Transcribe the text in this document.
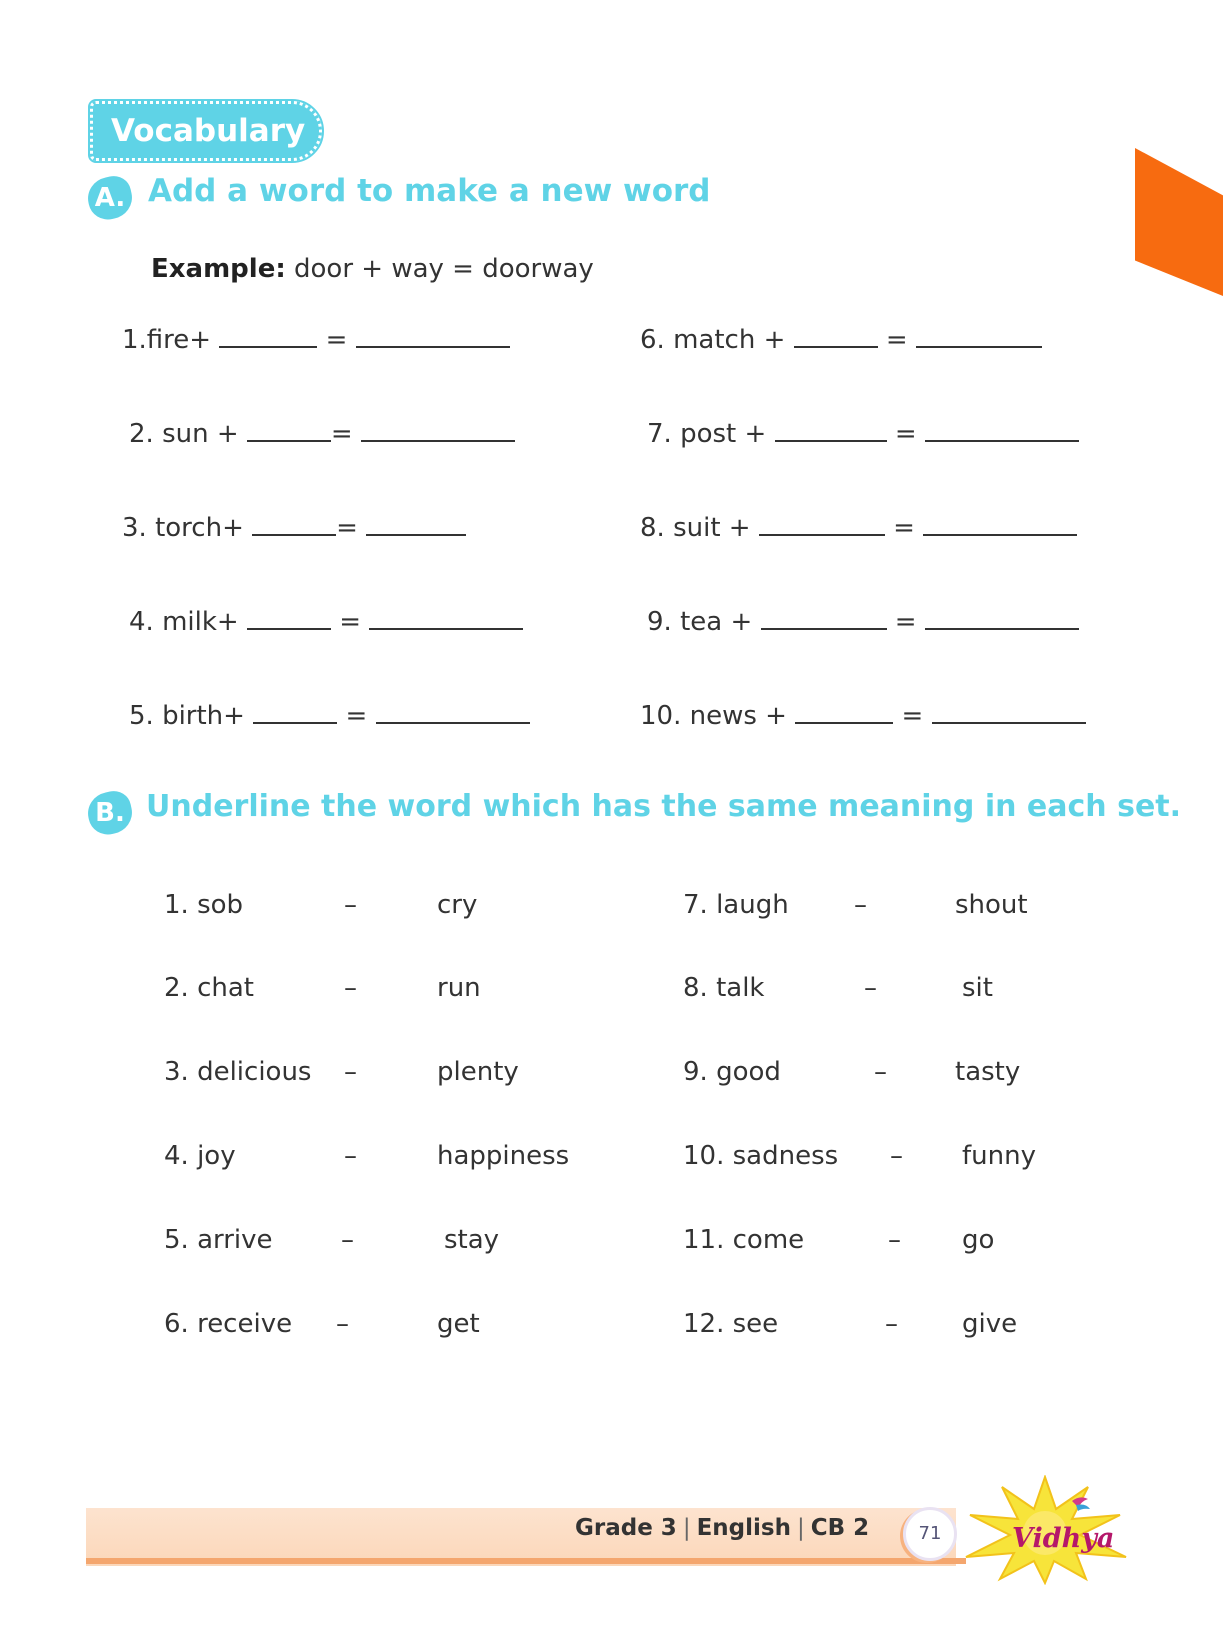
Vocabulary
A. Add a word to make a new word
Example: door + way = doorway
1.fire+	=
2. sun +	=
3. torch+	=
4. milk+	=
5. birth+	=
6. match +	=
7. post +	=
8. suit +	=
9. tea +	=
10. news +	=
B. Underline the word which has the same meaning in each set.
1. sob	–	cry
2. chat	–	run
3. delicious –	plenty
4. joy	–	happiness
5. arrive	–	stay
6. receive –	get
7. laugh	–	shout
8. talk	–	sit
9. good	–	tasty
10. sadness – funny
11. come	– go
12. see	– give
Grade 3 | English | CB 2	71	Vidhya
